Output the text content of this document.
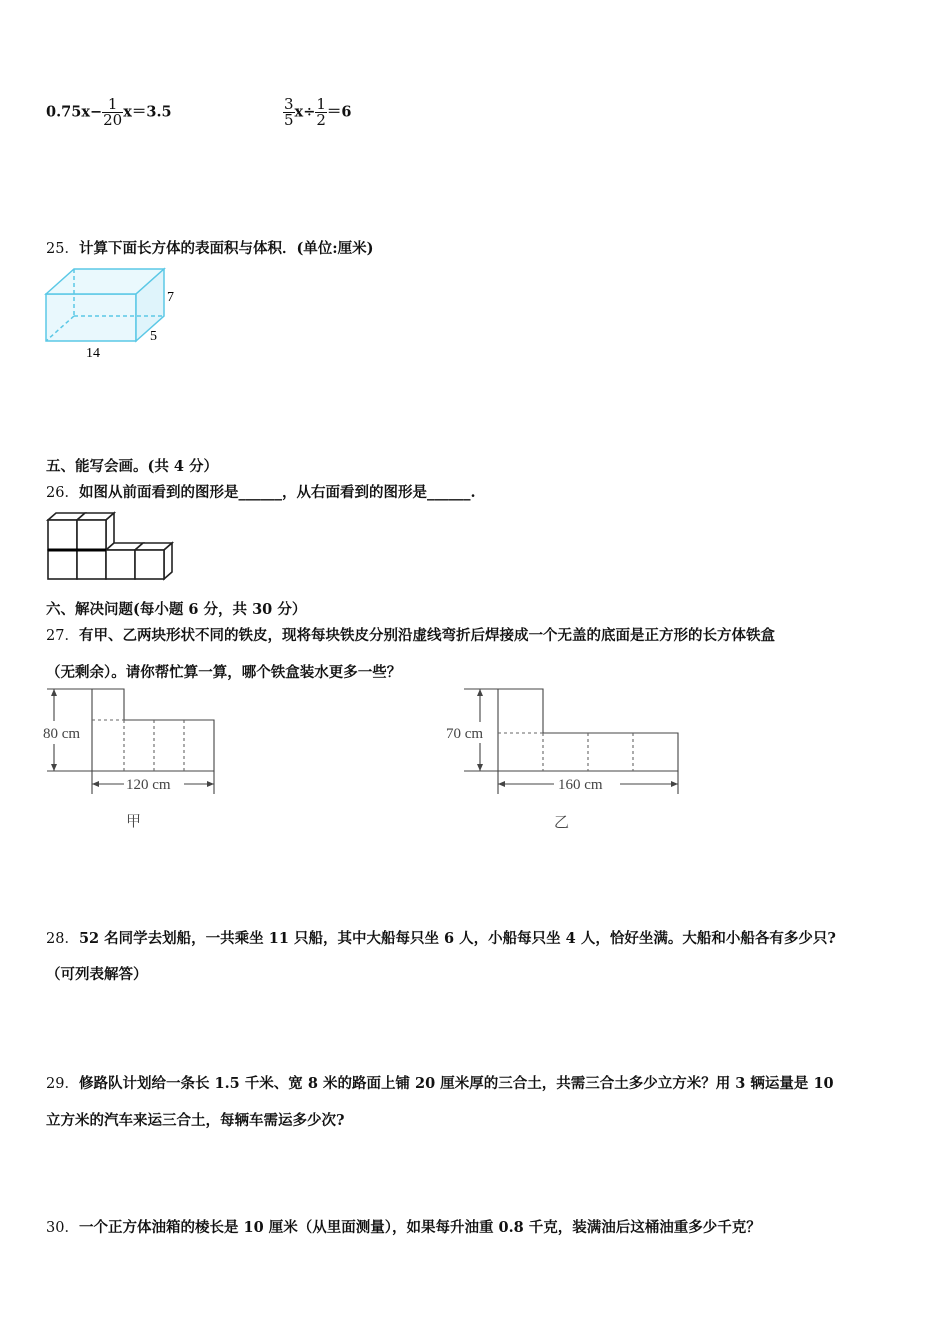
$0.75x- \frac{1}{20} x=3.5$	$\frac{3}{5} x\div \frac{1}{2} =6$
25．计算下面长方体的表面积与体积．(单位:厘米)
7
5
14
五、能写会画。(共 4 分）
26．如图从前面看到的图形是______，从右面看到的图形是______.
六、解决问题(每小题 6 分，共 30 分）
27．有甲、乙两块形状不同的铁皮，现将每块铁皮分别沿虚线弯折后焊接成一个无盖的底面是正方形的长方体铁盒
（无剩余）。请你帮忙算一算，哪个铁盒装水更多一些？
80 cm
120 cm
甲
70 cm
160 cm
乙
28．52 名同学去划船，一共乘坐 11 只船，其中大船每只坐 6 人，小船每只坐 4 人，恰好坐满。大船和小船各有多少只?
（可列表解答）
29．修路队计划给一条长 1.5 千米、宽 8 米的路面上铺 20 厘米厚的三合土，共需三合土多少立方米？用 3 辆运量是 10
立方米的汽车来运三合土，每辆车需运多少次?
30．一个正方体油箱的棱长是 10 厘米（从里面测量），如果每升油重 0.8 千克，装满油后这桶油重多少千克？
